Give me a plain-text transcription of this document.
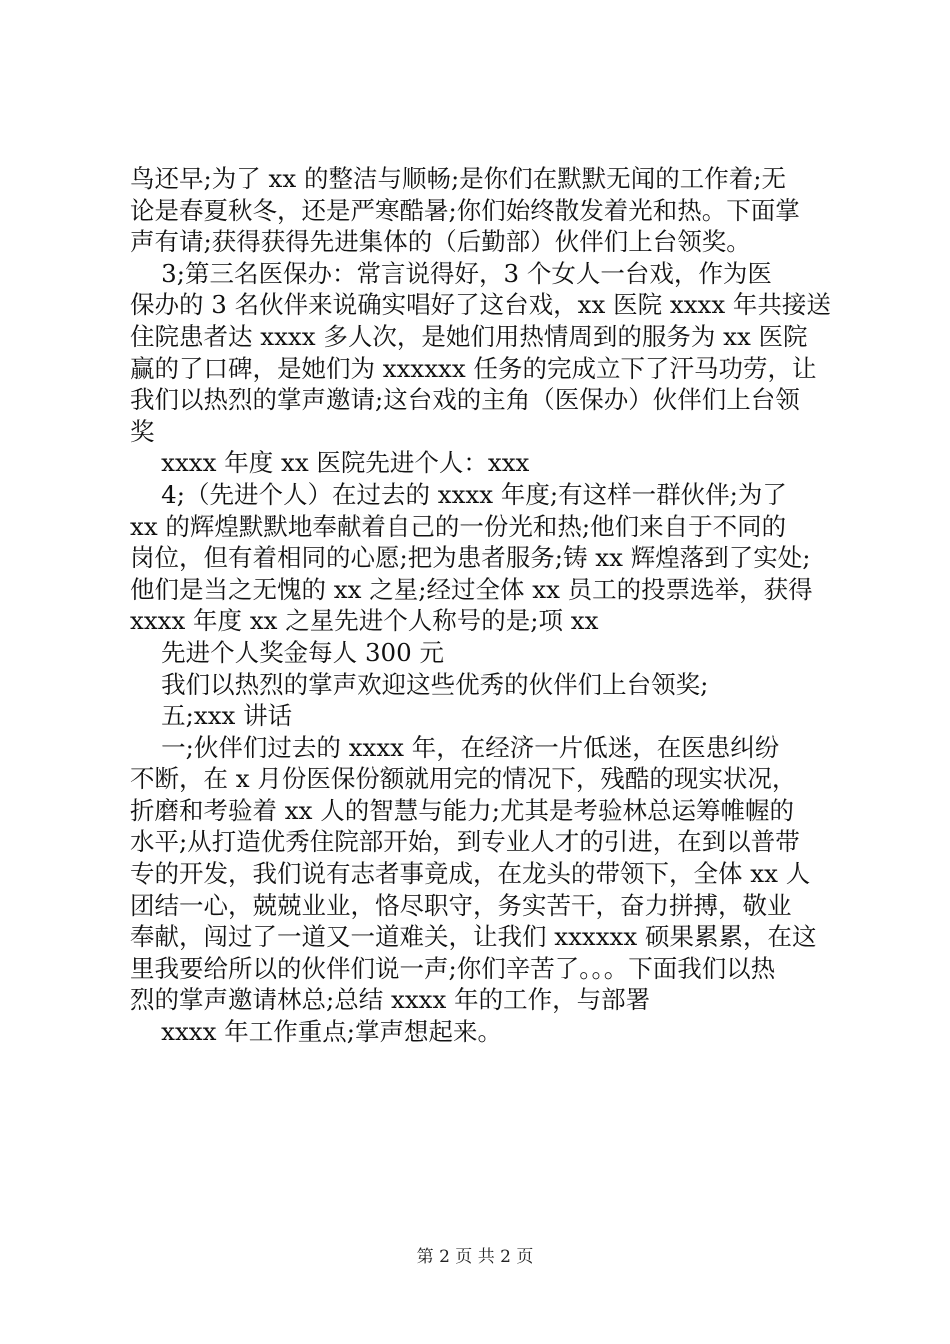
鸟还早;为了 xx 的整洁与顺畅;是你们在默默无闻的工作着;无
论是春夏秋冬，还是严寒酷暑;你们始终散发着光和热。下面掌
声有请;获得获得先进集体的（后勤部）伙伴们上台领奖。
3;第三名医保办：常言说得好，3 个女人一台戏，作为医
保办的 3 名伙伴来说确实唱好了这台戏，xx 医院 xxxx 年共接送
住院患者达 xxxx 多人次，是她们用热情周到的服务为 xx 医院
赢的了口碑，是她们为 xxxxxx 任务的完成立下了汗马功劳，让
我们以热烈的掌声邀请;这台戏的主角（医保办）伙伴们上台领
奖
xxxx 年度 xx 医院先进个人：xxx
4;（先进个人）在过去的 xxxx 年度;有这样一群伙伴;为了
xx 的辉煌默默地奉献着自己的一份光和热;他们来自于不同的
岗位，但有着相同的心愿;把为患者服务;铸 xx 辉煌落到了实处;
他们是当之无愧的 xx 之星;经过全体 xx 员工的投票选举，获得
xxxx 年度 xx 之星先进个人称号的是;项 xx
先进个人奖金每人 300 元
我们以热烈的掌声欢迎这些优秀的伙伴们上台领奖;
五;xxx 讲话
一;伙伴们过去的 xxxx 年，在经济一片低迷，在医患纠纷
不断，在 x 月份医保份额就用完的情况下，残酷的现实状况，
折磨和考验着 xx 人的智慧与能力;尤其是考验林总运筹帷幄的
水平;从打造优秀住院部开始，到专业人才的引进，在到以普带
专的开发，我们说有志者事竟成，在龙头的带领下，全体 xx 人
团结一心，兢兢业业，恪尽职守，务实苦干，奋力拼搏，敬业
奉献，闯过了一道又一道难关，让我们 xxxxxx 硕果累累，在这
里我要给所以的伙伴们说一声;你们辛苦了。。。下面我们以热
烈的掌声邀请林总;总结 xxxx 年的工作，与部署
xxxx 年工作重点;掌声想起来。
第 2 页 共 2 页
